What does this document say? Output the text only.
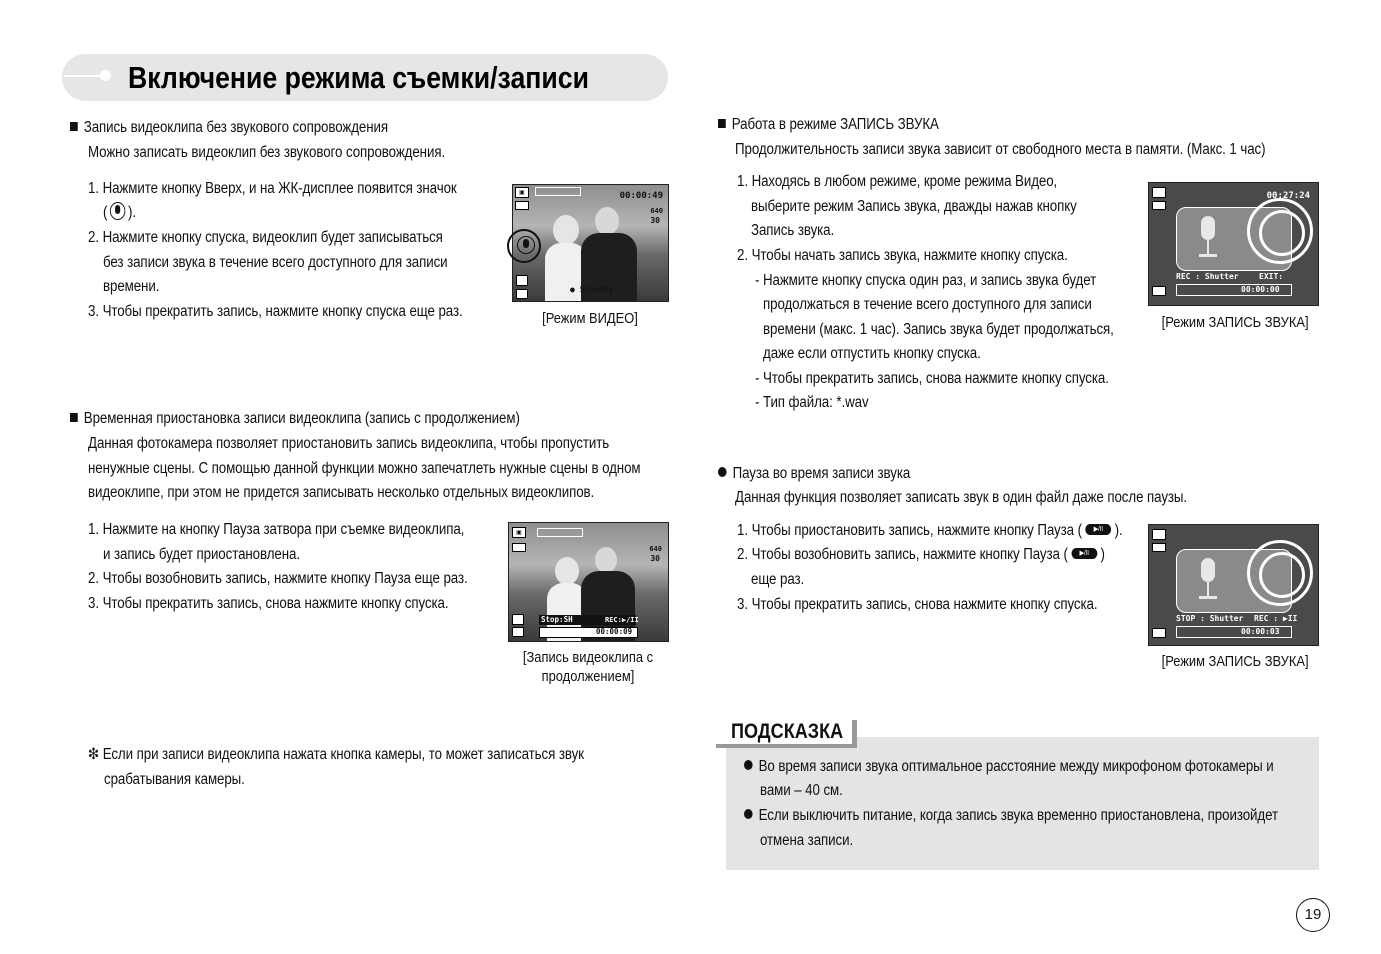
Включение режима съемки/записи
Запись видеоклипа без звукового сопровождения
Можно записать видеоклип без звукового сопровождения.
1. Нажмите кнопку Вверх, и на ЖК-дисплее появится значок
( ).
2. Нажмите кнопку спуска, видеоклип будет записываться
без записи звука в течение всего доступного для записи
времени.
3. Чтобы прекратить запись, нажмите кнопку спуска еще раз.
▣	00:00:49
640
30
● Standby
[Режим ВИДЕО]
Временная приостановка записи видеоклипа (запись с продолжением)
Данная фотокамера позволяет приостановить запись видеоклипа, чтобы пропустить
ненужные сцены. С помощью данной функции можно запечатлеть нужные сцены в одном
видеоклипе, при этом не придется записывать несколько отдельных видеоклипов.
1. Нажмите на кнопку Пауза затвора при съемке видеоклипа,
и запись будет приостановлена.
2. Чтобы возобновить запись, нажмите кнопку Пауза еще раз.
3. Чтобы прекратить запись, снова нажмите кнопку спуска.
▣
640
30
Stop:SH	REC:▶/II
00:00:09
[Запись видеоклипа с
продолжением]
❇ Если при записи видеоклипа нажата кнопка камеры, то может записаться звук
срабатывания камеры.
Работа в режиме ЗАПИСЬ ЗВУКА
Продолжительность записи звука зависит от свободного места в памяти. (Макс. 1 час)
1. Находясь в любом режиме, кроме режима Видео,
выберите режим Запись звука, дважды нажав кнопку
Запись звука.
2. Чтобы начать запись звука, нажмите кнопку спуска.
- Нажмите кнопку спуска один раз, и запись звука будет
продолжаться в течение всего доступного для записи
времени (макс. 1 час). Запись звука будет продолжаться,
даже если отпустить кнопку спуска.
- Чтобы прекратить запись, снова нажмите кнопку спуска.
- Тип файла: *.wav
00:27:24
REC : Shutter	EXIT:
00:00:00
[Режим ЗАПИСЬ ЗВУКА]
Пауза во время записи звука
Данная функция позволяет записать звук в один файл даже после паузы.
1. Чтобы приостановить запись, нажмите кнопку Пауза ( ▶/II ).
2. Чтобы возобновить запись, нажмите кнопку Пауза ( ▶/II )
еще раз.
3. Чтобы прекратить запись, снова нажмите кнопку спуска.
STOP : Shutter REC : ▶II
00:00:03
[Режим ЗАПИСЬ ЗВУКА]
ПОДСКАЗКА
Во время записи звука оптимальное расстояние между микрофоном фотокамеры и
вами – 40 см.
Если выключить питание, когда запись звука временно приостановлена, произойдет
отмена записи.
19
